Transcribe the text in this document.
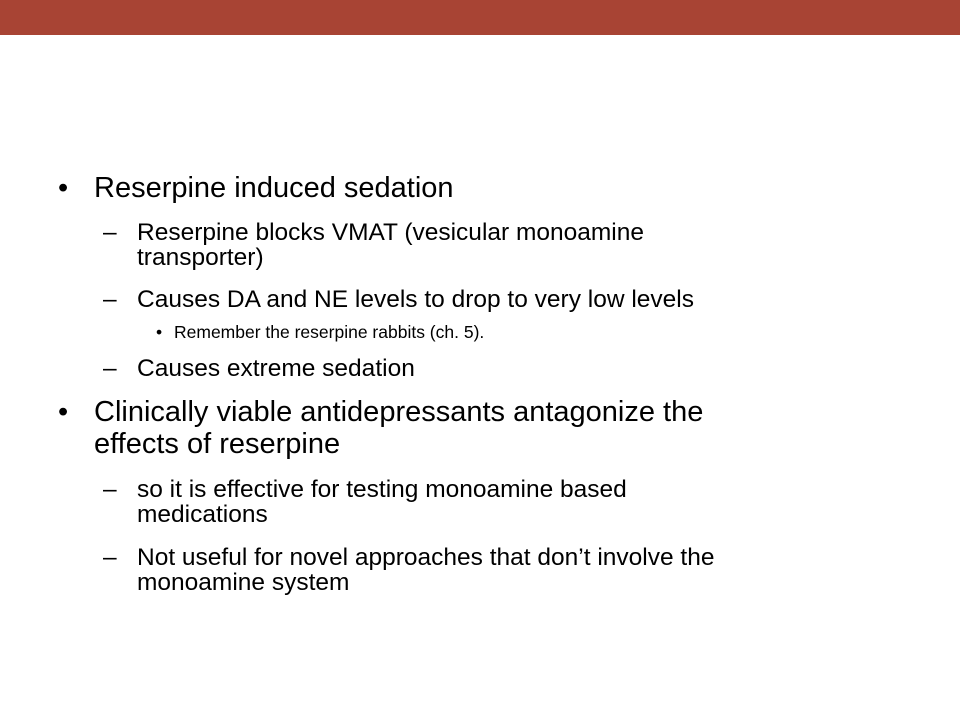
• Reserpine induced sedation
– Reserpine blocks VMAT (vesicular monoamine
transporter)
– Causes DA and NE levels to drop to very low levels
• Remember the reserpine rabbits (ch. 5).
– Causes extreme sedation
• Clinically viable antidepressants antagonize the
effects of reserpine
– so it is effective for testing monoamine based
medications
– Not useful for novel approaches that don’t involve the
monoamine system
